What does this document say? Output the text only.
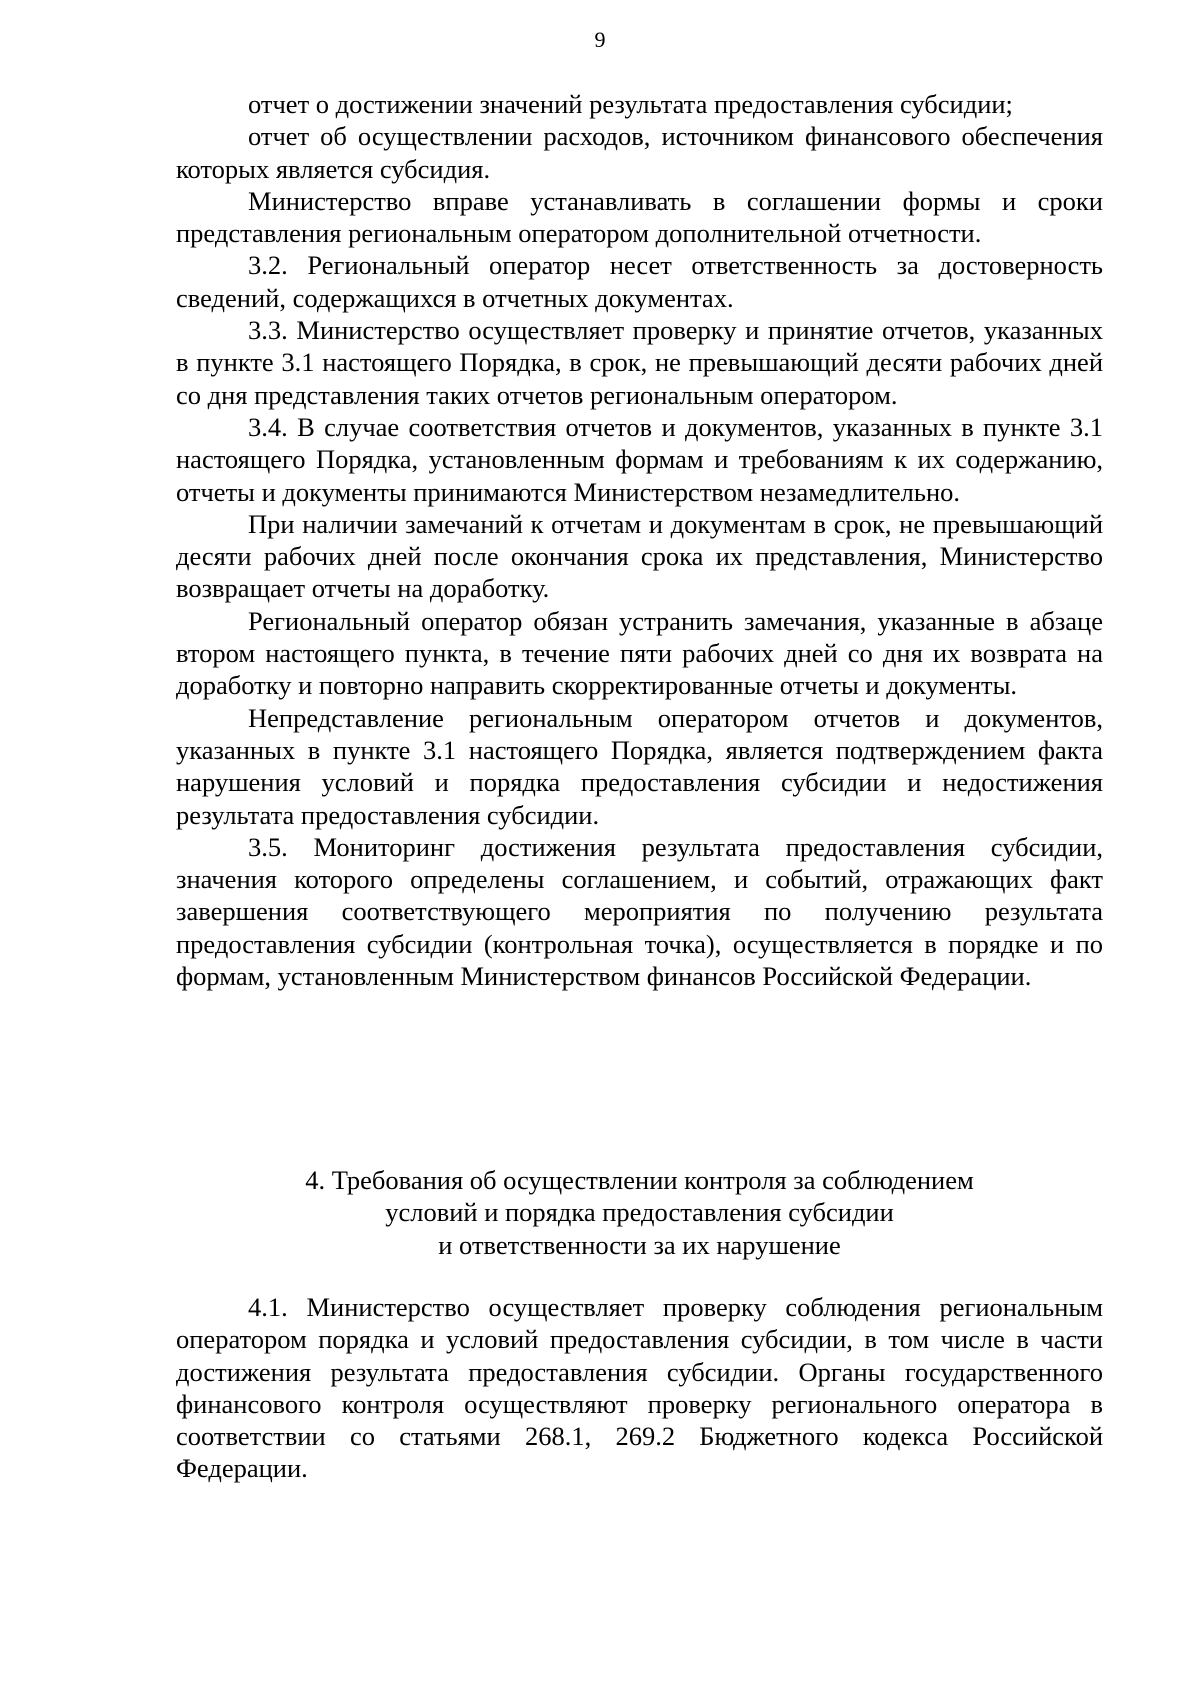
9

отчет о достижении значений результата предоставления субсидии;

отчет об осуществлении расходов, источником финансового обеспечения которых является субсидия.

Министерство вправе устанавливать в соглашении формы и сроки представления региональным оператором дополнительной отчетности.

3.2. Региональный оператор несет ответственность за достоверность сведений, содержащихся в отчетных документах.

3.3. Министерство осуществляет проверку и принятие отчетов, указанных в пункте 3.1 настоящего Порядка, в срок, не превышающий десяти рабочих дней со дня представления таких отчетов региональным оператором.

3.4. В случае соответствия отчетов и документов, указанных в пункте 3.1 настоящего Порядка, установленным формам и требованиям к их содержанию, отчеты и документы принимаются Министерством незамедлительно.

При наличии замечаний к отчетам и документам в срок, не превышающий десяти рабочих дней после окончания срока их представления, Министерство возвращает отчеты на доработку.

Региональный оператор обязан устранить замечания, указанные в абзаце втором настоящего пункта, в течение пяти рабочих дней со дня их возврата на доработку и повторно направить скорректированные отчеты и документы.

Непредставление региональным оператором отчетов и документов, указанных в пункте 3.1 настоящего Порядка, является подтверждением факта нарушения условий и порядка предоставления субсидии и недостижения результата предоставления субсидии.

3.5. Мониторинг достижения результата предоставления субсидии, значения которого определены соглашением, и событий, отражающих факт завершения соответствующего мероприятия по получению результата предоставления субсидии (контрольная точка), осуществляется в порядке и по формам, установленным Министерством финансов Российской Федерации.

4. Требования об осуществлении контроля за соблюдением
условий и порядка предоставления субсидии
и ответственности за их нарушение

4.1. Министерство осуществляет проверку соблюдения региональным оператором порядка и условий предоставления субсидии, в том числе в части достижения результата предоставления субсидии. Органы государственного финансового контроля осуществляют проверку регионального оператора в соответствии со статьями 268.1, 269.2 Бюджетного кодекса Российской Федерации.
